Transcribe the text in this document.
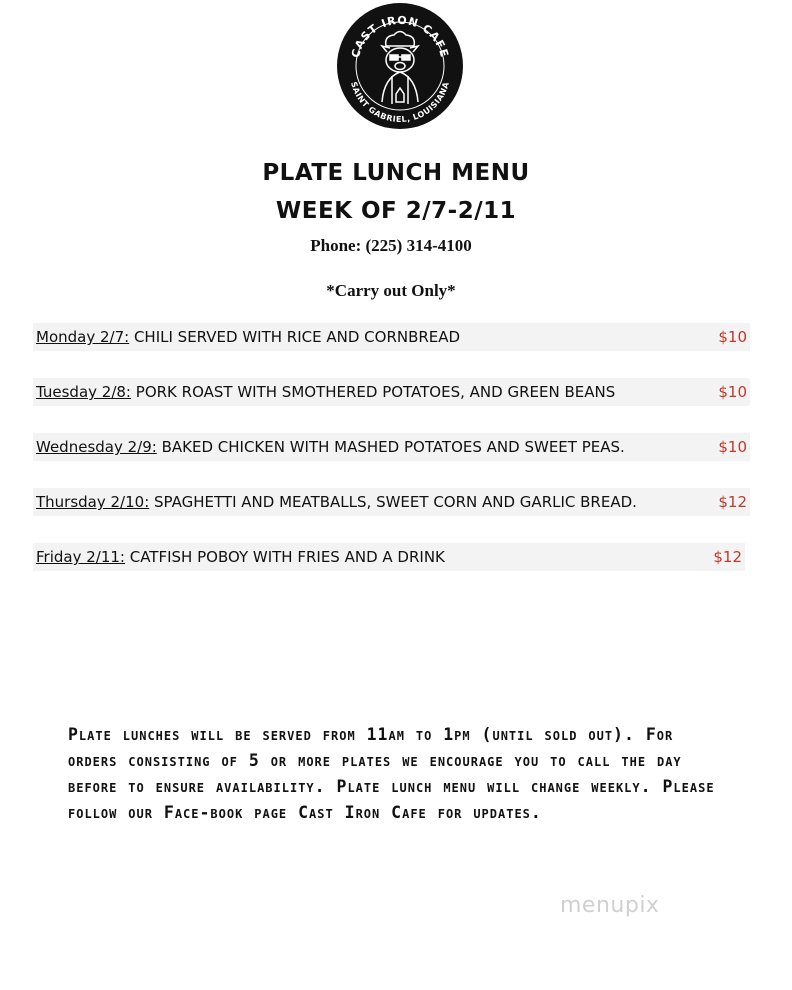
CAST IRON CAFE
SAINT GABRIEL, LOUISIANA
PLATE LUNCH MENU
WEEK OF 2/7-2/11
Phone: (225) 314-4100
*Carry out Only*
Monday 2/7: CHILI SERVED WITH RICE AND CORNBREAD	$10
Tuesday 2/8: PORK ROAST WITH SMOTHERED POTATOES, AND GREEN BEANS	$10
Wednesday 2/9: BAKED CHICKEN WITH MASHED POTATOES AND SWEET PEAS.	$10
Thursday 2/10: SPAGHETTI AND MEATBALLS, SWEET CORN AND GARLIC BREAD.	$12
Friday 2/11: CATFISH POBOY WITH FRIES AND A DRINK	$12
Plate lunches will be served from 11am to 1pm (until sold out). For orders consisting of 5 or more plates we encourage you to call the day before to ensure availability. Plate lunch menu will change weekly. Please follow our Face-book page Cast Iron Cafe for updates.
menupix
